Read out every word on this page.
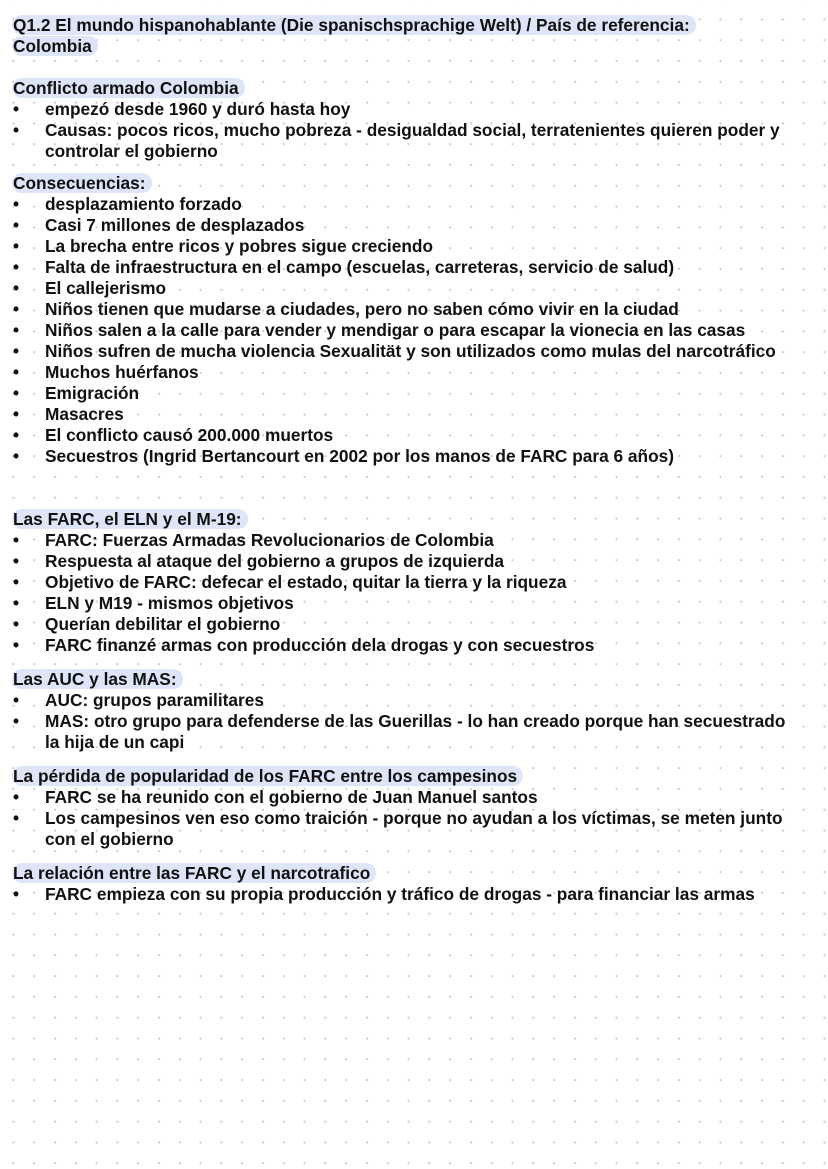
Q1.2 El mundo hispanohablante (Die spanischsprachige Welt) / País de referencia:
Colombia

Conflicto armado Colombia

• empezó desde 1960 y duró hasta hoy
• Causas: pocos ricos, mucho pobreza - desigualdad social, terratenientes quieren poder y controlar el gobierno

Consecuencias:

• desplazamiento forzado
• Casi 7 millones de desplazados
• La brecha entre ricos y pobres sigue creciendo
• Falta de infraestructura en el campo (escuelas, carreteras, servicio de salud)
• El callejerismo
• Niños tienen que mudarse a ciudades, pero no saben cómo vivir en la ciudad
• Niños salen a la calle para vender y mendigar o para escapar la vionecia en las casas
• Niños sufren de mucha violencia Sexualität y son utilizados como mulas del narcotráfico
• Muchos huérfanos
• Emigración
• Masacres
• El conflicto causó 200.000 muertos
• Secuestros (Ingrid Bertancourt en 2002 por los manos de FARC para 6 años)

Las FARC, el ELN y el M-19:

• FARC: Fuerzas Armadas Revolucionarios de Colombia
• Respuesta al ataque del gobierno a grupos de izquierda
• Objetivo de FARC: defecar el estado, quitar la tierra y la riqueza
• ELN y M19 - mismos objetivos
• Querían debilitar el gobierno
• FARC finanzé armas con producción dela drogas y con secuestros

Las AUC y las MAS:

• AUC: grupos paramilitares
• MAS: otro grupo para defenderse de las Guerillas - lo han creado porque han secuestrado la hija de un capi

La pérdida de popularidad de los FARC entre los campesinos

• FARC se ha reunido con el gobierno de Juan Manuel santos
• Los campesinos ven eso como traición - porque no ayudan a los víctimas, se meten junto con el gobierno

La relación entre las FARC y el narcotrafico

• FARC empieza con su propia producción y tráfico de drogas - para financiar las armas
